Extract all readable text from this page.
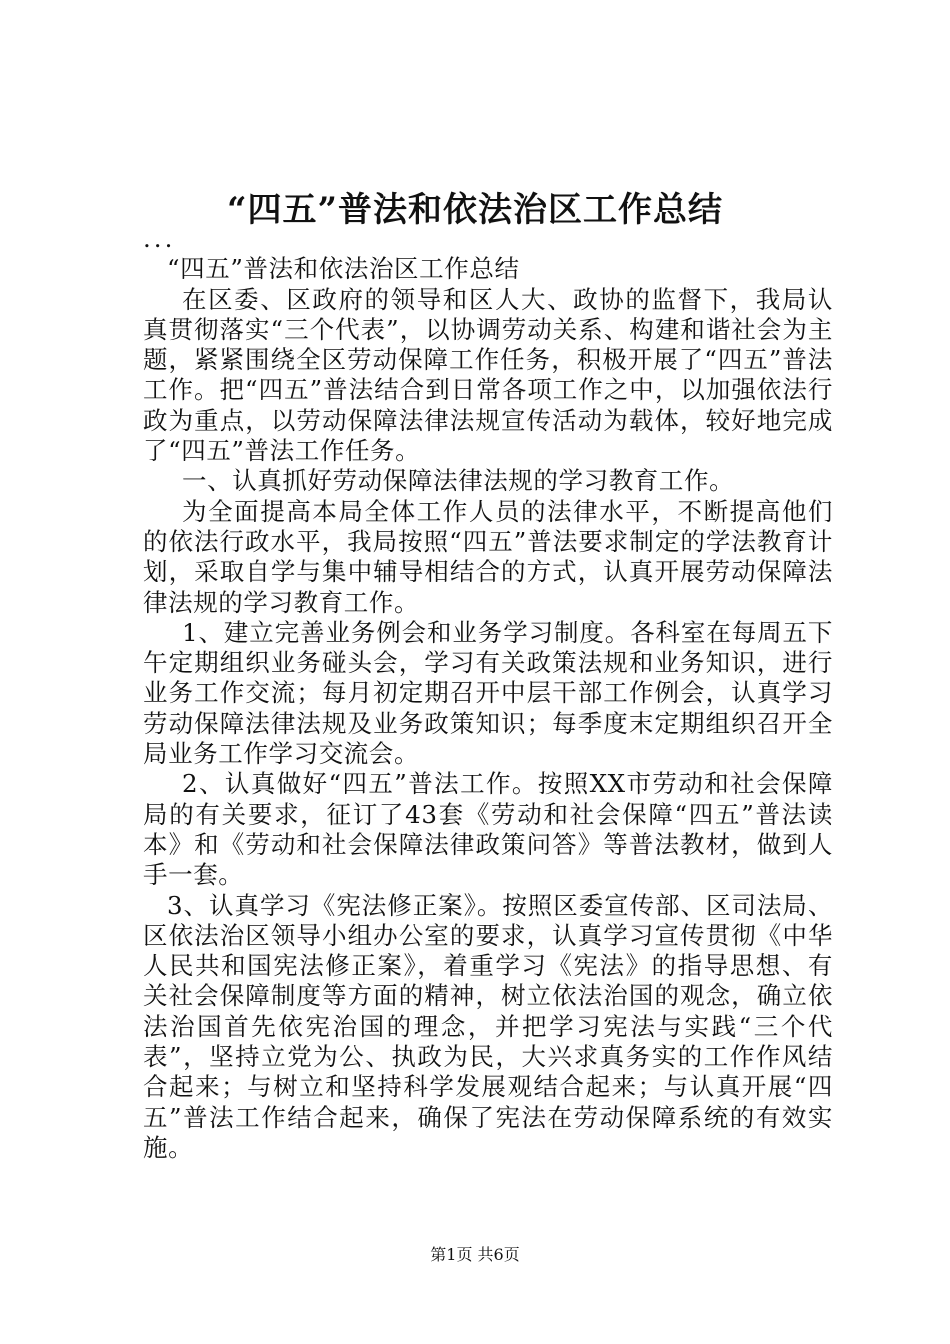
“四五”普法和依法治区工作总结

...

“四五”普法和依法治区工作总结

在区委、区政府的领导和区人大、政协的监督下，我局认真贯彻落实“三个代表”，以协调劳动关系、构建和谐社会为主题，紧紧围绕全区劳动保障工作任务，积极开展了“四五”普法工作。把“四五”普法结合到日常各项工作之中，以加强依法行政为重点，以劳动保障法律法规宣传活动为载体，较好地完成了“四五”普法工作任务。

一、认真抓好劳动保障法律法规的学习教育工作。

为全面提高本局全体工作人员的法律水平，不断提高他们的依法行政水平，我局按照“四五”普法要求制定的学法教育计划，采取自学与集中辅导相结合的方式，认真开展劳动保障法律法规的学习教育工作。

1、建立完善业务例会和业务学习制度。各科室在每周五下午定期组织业务碰头会，学习有关政策法规和业务知识，进行业务工作交流；每月初定期召开中层干部工作例会，认真学习劳动保障法律法规及业务政策知识；每季度末定期组织召开全局业务工作学习交流会。

2、认真做好“四五”普法工作。按照XX市劳动和社会保障局的有关要求，征订了43套《劳动和社会保障“四五”普法读本》和《劳动和社会保障法律政策问答》等普法教材，做到人手一套。

3、认真学习《宪法修正案》。按照区委宣传部、区司法局、区依法治区领导小组办公室的要求，认真学习宣传贯彻《中华人民共和国宪法修正案》，着重学习《宪法》的指导思想、有关社会保障制度等方面的精神，树立依法治国的观念，确立依法治国首先依宪治国的理念，并把学习宪法与实践“三个代表”，坚持立党为公、执政为民，大兴求真务实的工作作风结合起来；与树立和坚持科学发展观结合起来；与认真开展“四五”普法工作结合起来，确保了宪法在劳动保障系统的有效实施。

第1页 共6页
